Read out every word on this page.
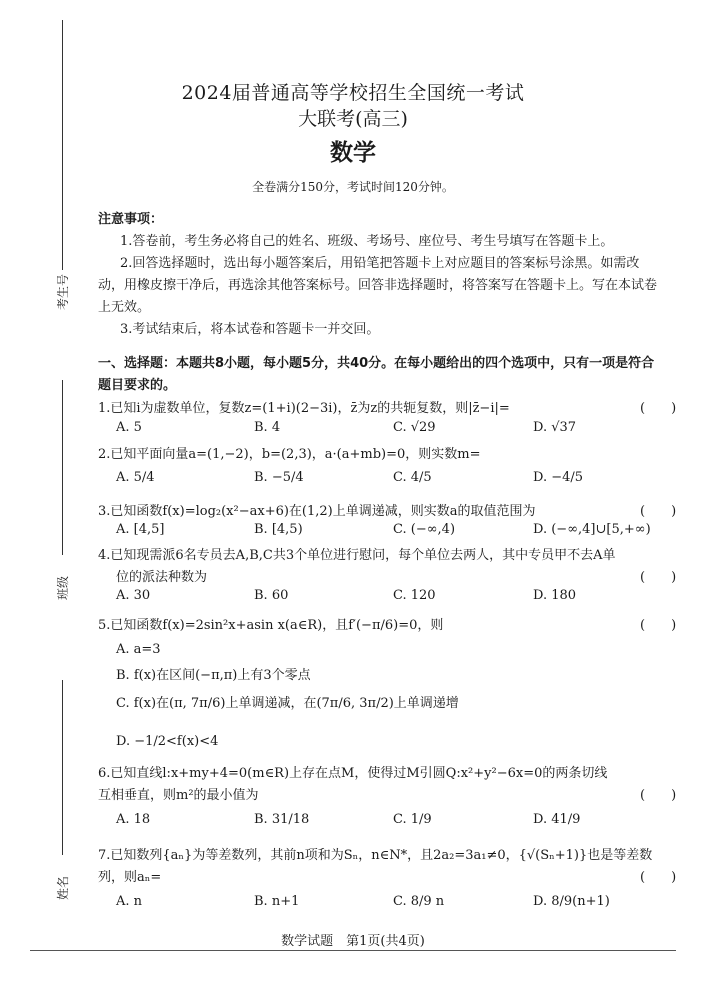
2024届普通高等学校招生全国统一考试
大联考(高三)
数学
全卷满分150分，考试时间120分钟。
考生号
班级
姓名
注意事项：
1.答卷前，考生务必将自己的姓名、班级、考场号、座位号、考生号填写在答题卡上。
2.回答选择题时，选出每小题答案后，用铅笔把答题卡上对应题目的答案标号涂黑。如需改
动，用橡皮擦干净后，再选涂其他答案标号。回答非选择题时，将答案写在答题卡上。写在本试卷
上无效。
3.考试结束后，将本试卷和答题卡一并交回。
一、选择题：本题共8小题，每小题5分，共40分。在每小题给出的四个选项中，只有一项是符合
题目要求的。
1.已知i为虚数单位，复数z=(1+i)(2−3i)，z̄为z的共轭复数，则|z̄−i|=	(　　)
A. 5	B. 4	C. √29	D. √37
2.已知平面向量a=(1,−2)，b=(2,3)，a·(a+mb)=0，则实数m=
A. 5/4	B. −5/4	C. 4/5	D. −4/5
3.已知函数f(x)=log₂(x²−ax+6)在(1,2)上单调递减，则实数a的取值范围为	(　　)
A. [4,5]	B. [4,5)	C. (−∞,4)	D. (−∞,4]∪[5,+∞)
4.已知现需派6名专员去A,B,C共3个单位进行慰问，每个单位去两人，其中专员甲不去A单
位的派法种数为	(　　)
A. 30	B. 60	C. 120	D. 180
5.已知函数f(x)=2sin²x+asin x(a∈R)，且f′(−π/6)=0，则	(　　)
A. a=3
B. f(x)在区间(−π,π)上有3个零点
C. f(x)在(π, 7π/6)上单调递减，在(7π/6, 3π/2)上单调递增
D. −1/2<f(x)<4
6.已知直线l:x+my+4=0(m∈R)上存在点M，使得过M引圆Q:x²+y²−6x=0的两条切线
互相垂直，则m²的最小值为	(　　)
A. 18	B. 31/18	C. 1/9	D. 41/9
7.已知数列{aₙ}为等差数列，其前n项和为Sₙ，n∈N*，且2a₂=3a₁≠0，{√(Sₙ+1)}也是等差数
列，则aₙ=	(　　)
A. n	B. n+1	C. 8/9 n	D. 8/9(n+1)
数学试题　第1页(共4页)
